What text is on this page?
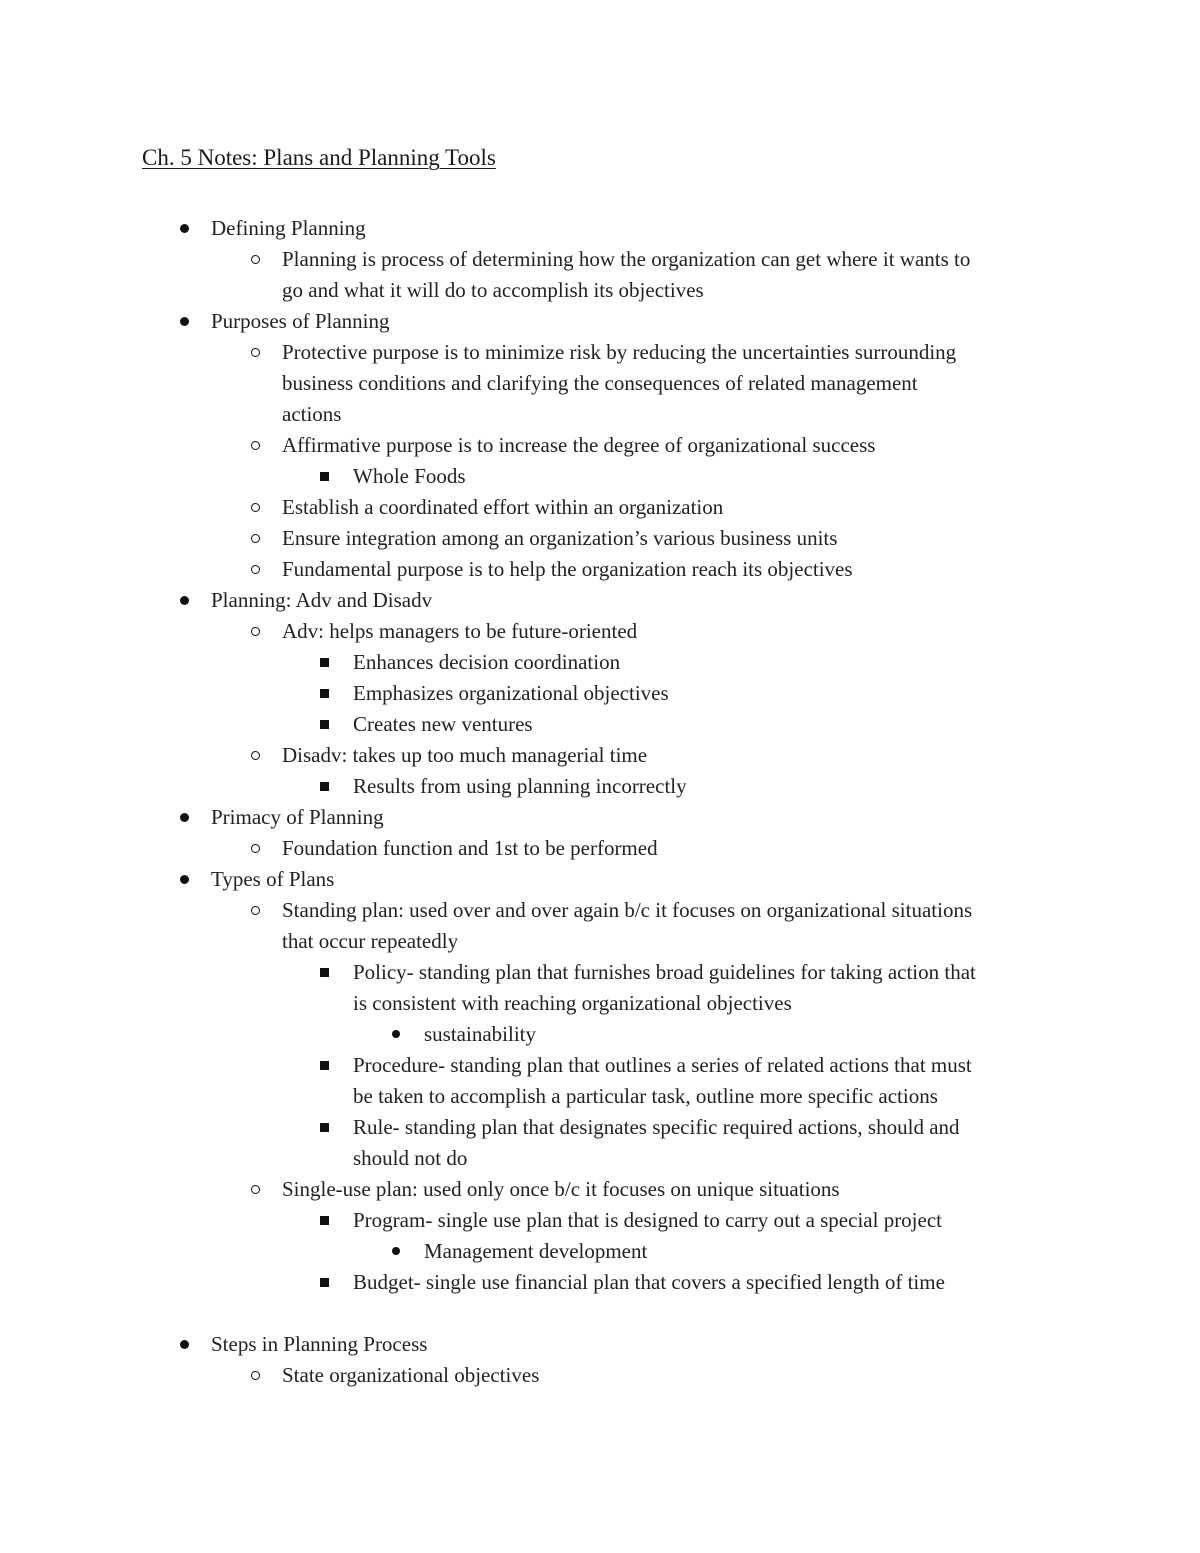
Ch. 5 Notes: Plans and Planning Tools
Defining Planning
Planning is process of determining how the organization can get where it wants to
go and what it will do to accomplish its objectives
Purposes of Planning
Protective purpose is to minimize risk by reducing the uncertainties surrounding
business conditions and clarifying the consequences of related management
actions
Affirmative purpose is to increase the degree of organizational success
Whole Foods
Establish a coordinated effort within an organization
Ensure integration among an organization’s various business units
Fundamental purpose is to help the organization reach its objectives
Planning: Adv and Disadv
Adv: helps managers to be future-oriented
Enhances decision coordination
Emphasizes organizational objectives
Creates new ventures
Disadv: takes up too much managerial time
Results from using planning incorrectly
Primacy of Planning
Foundation function and 1st to be performed
Types of Plans
Standing plan: used over and over again b/c it focuses on organizational situations
that occur repeatedly
Policy- standing plan that furnishes broad guidelines for taking action that
is consistent with reaching organizational objectives
sustainability
Procedure- standing plan that outlines a series of related actions that must
be taken to accomplish a particular task, outline more specific actions
Rule- standing plan that designates specific required actions, should and
should not do
Single-use plan: used only once b/c it focuses on unique situations
Program- single use plan that is designed to carry out a special project
Management development
Budget- single use financial plan that covers a specified length of time
Steps in Planning Process
State organizational objectives
